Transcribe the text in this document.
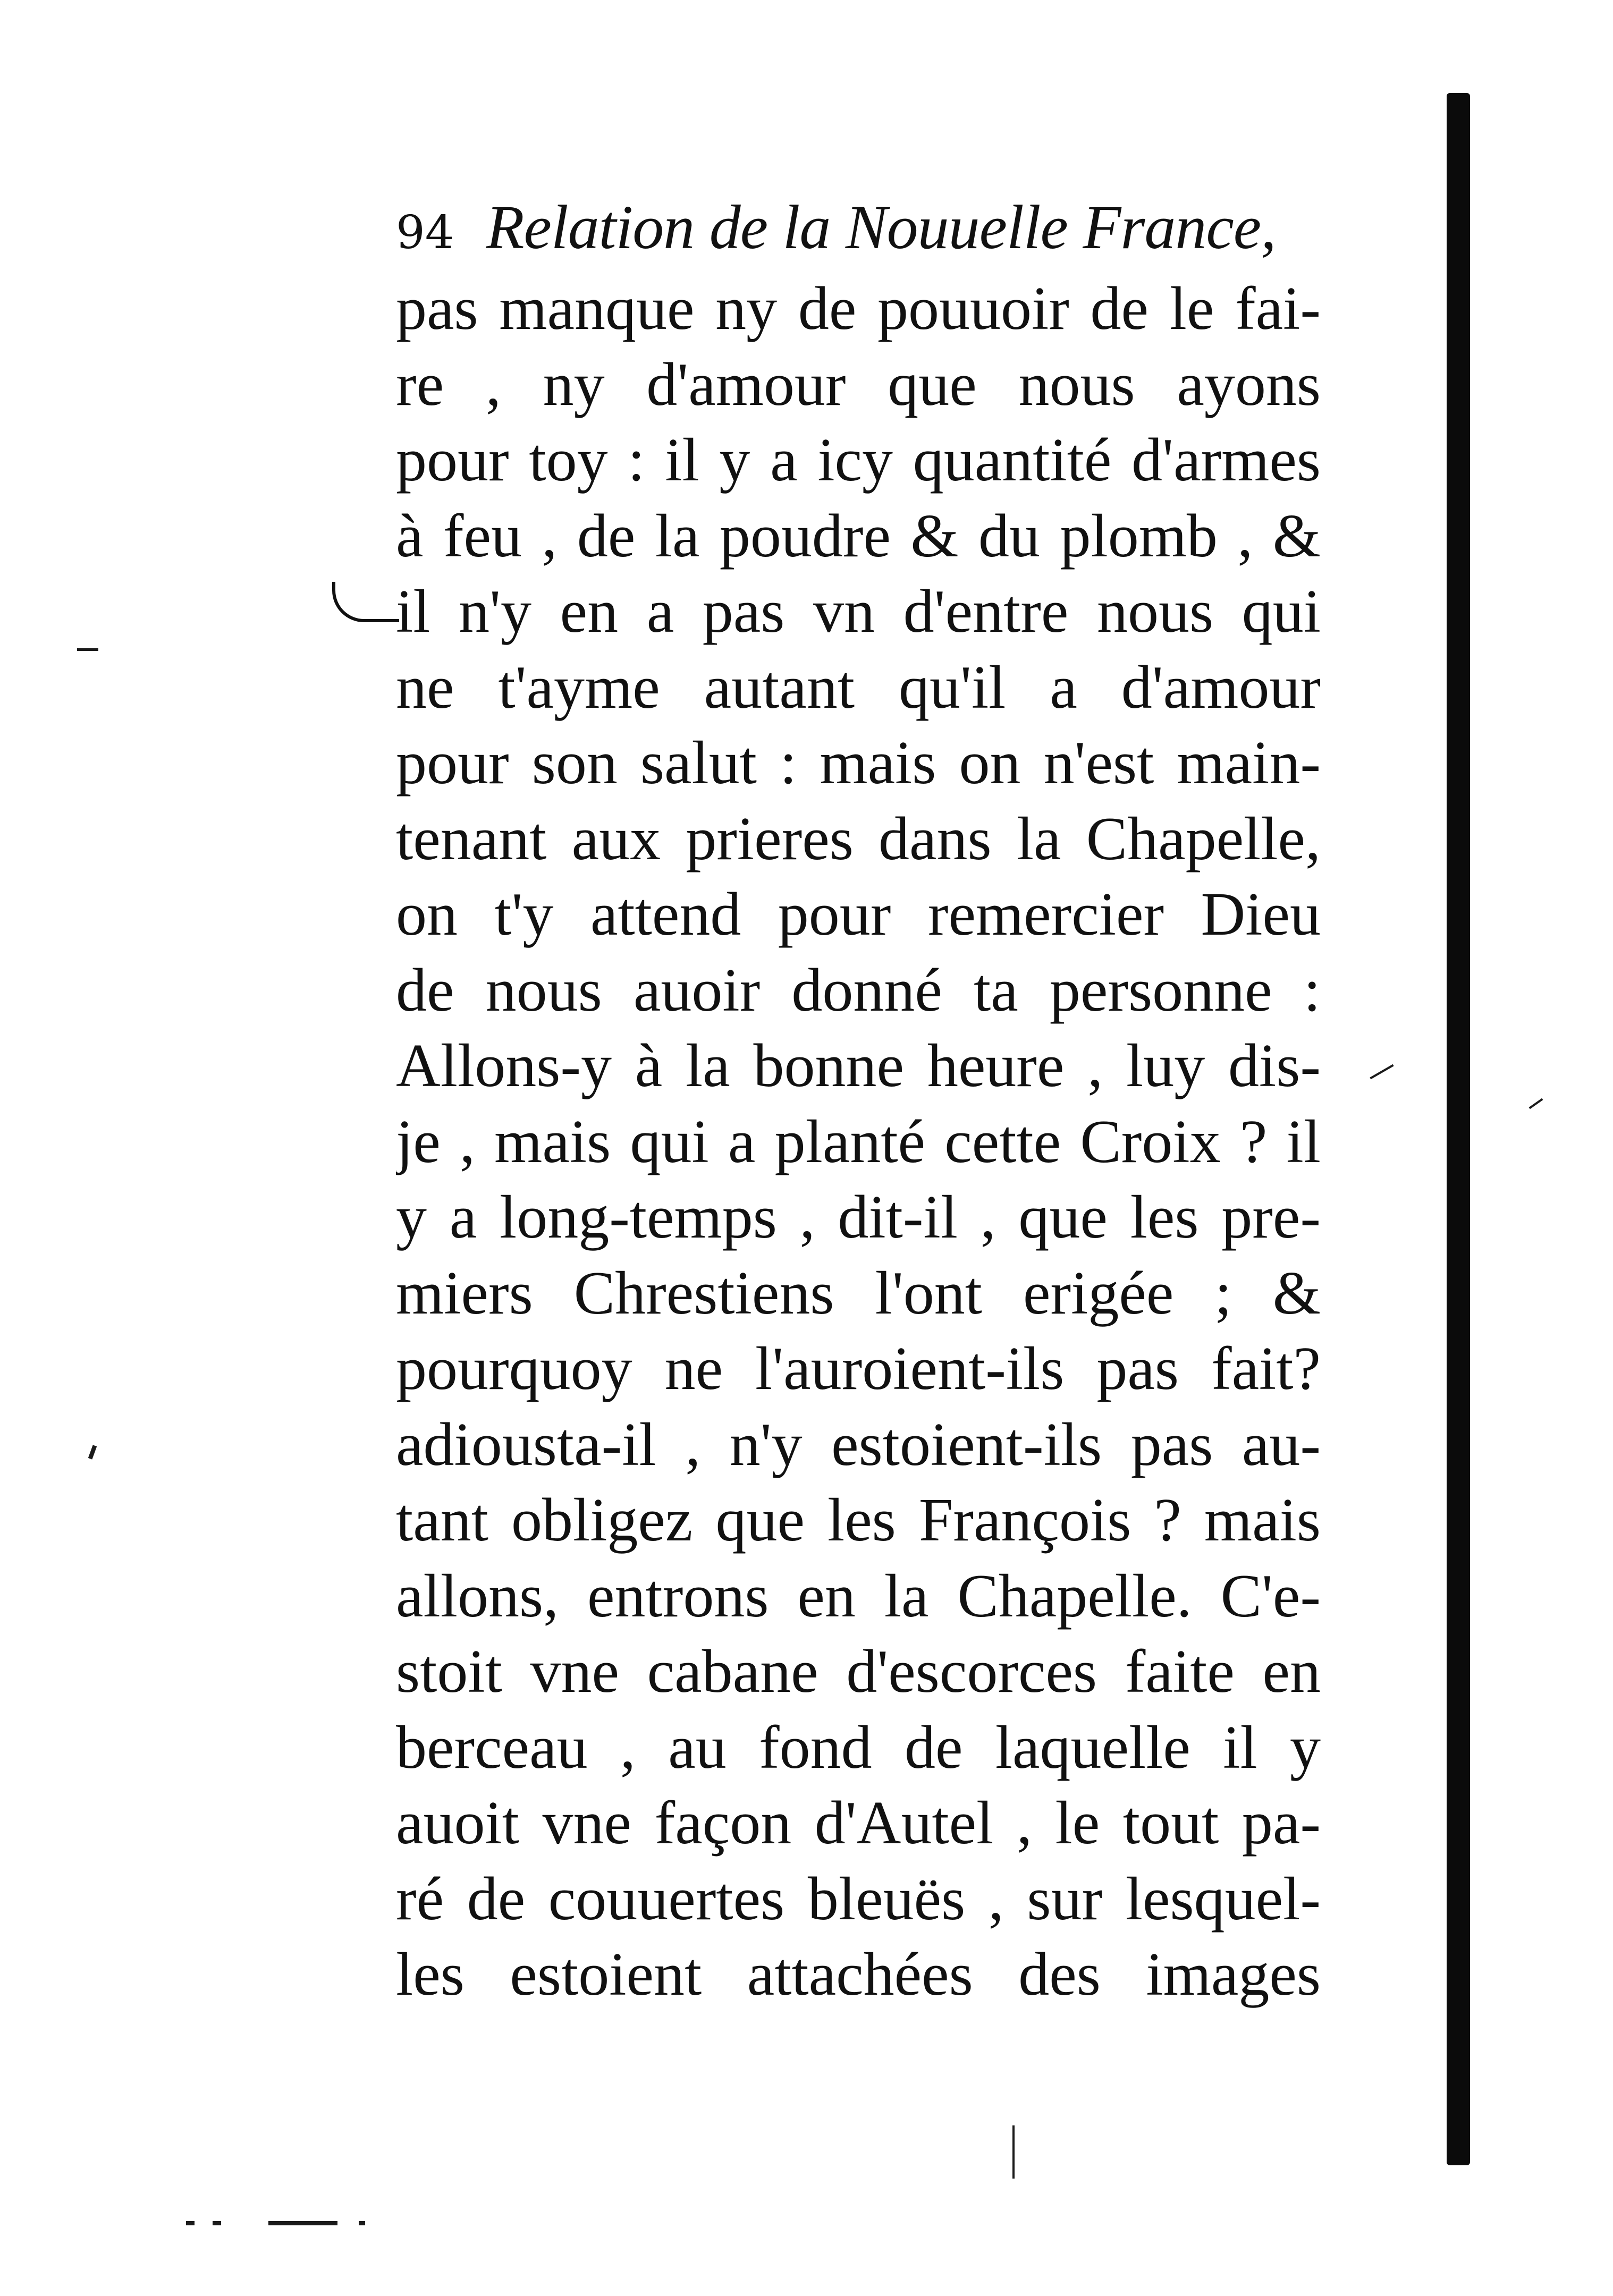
94 Relation de la Nouuelle France,
pas manque ny de pouuoir de le fai-
re , ny d'amour que nous ayons
pour toy : il y a icy quantité d'armes
à feu , de la poudre & du plomb , &
il n'y en a pas vn d'entre nous qui
ne t'ayme autant qu'il a d'amour
pour son salut : mais on n'est main-
tenant aux prieres dans la Chapelle,
on t'y attend pour remercier Dieu
de nous auoir donné ta personne :
Allons-y à la bonne heure , luy dis-
je , mais qui a planté cette Croix ? il
y a long-temps , dit-il , que les pre-
miers Chrestiens l'ont erigée ; &
pourquoy ne l'auroient-ils pas fait?
adiousta-il , n'y estoient-ils pas au-
tant obligez que les François ? mais
allons, entrons en la Chapelle. C'e-
stoit vne cabane d'escorces faite en
berceau , au fond de laquelle il y
auoit vne façon d'Autel , le tout pa-
ré de couuertes bleuës , sur lesquel-
les estoient attachées des images
